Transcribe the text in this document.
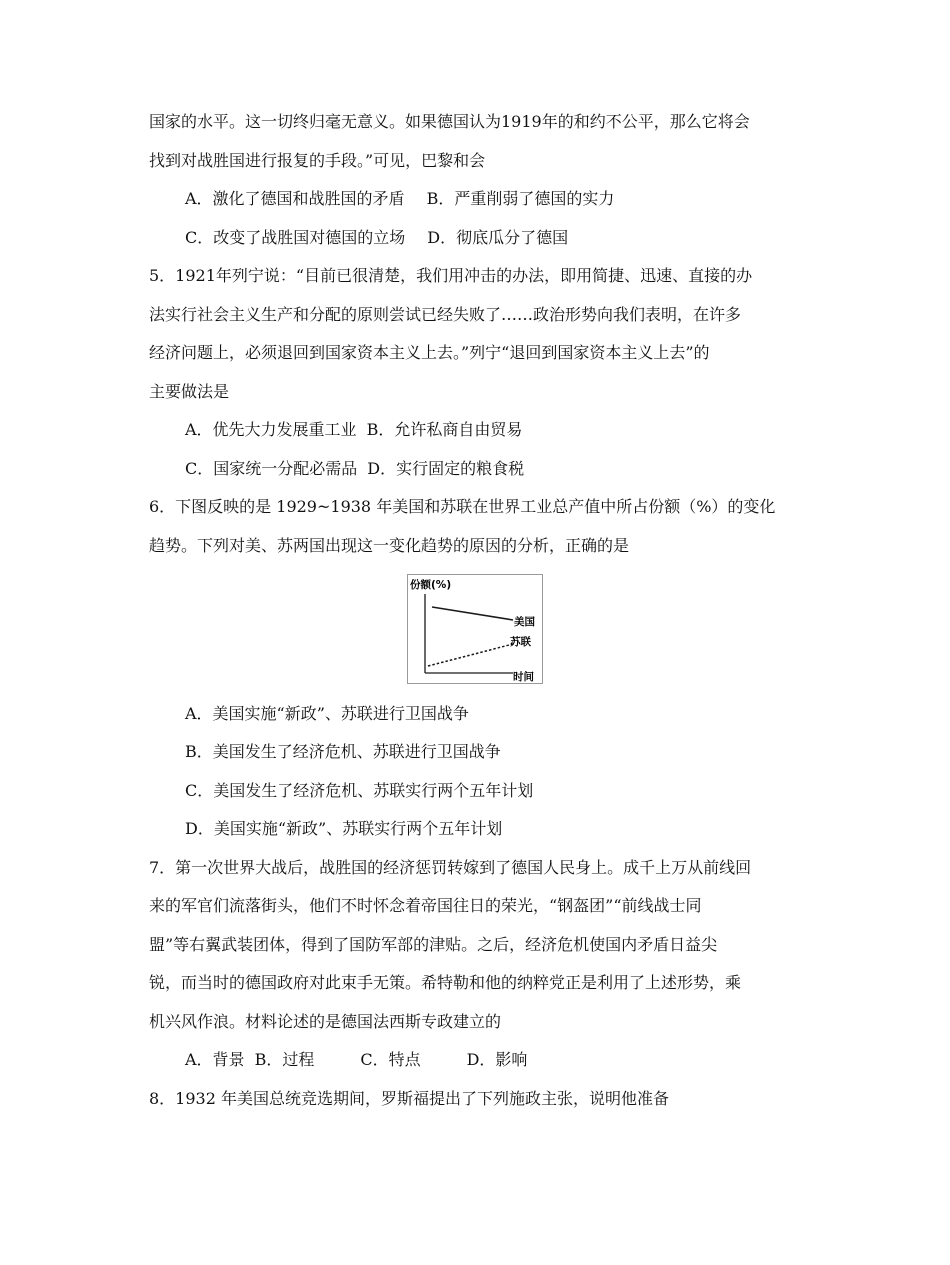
国家的水平。这一切终归毫无意义。如果德国认为1919年的和约不公平，那么它将会
找到对战胜国进行报复的手段。”可见，巴黎和会
A．激化了德国和战胜国的矛盾 B．严重削弱了德国的实力
C．改变了战胜国对德国的立场 D．彻底瓜分了德国
5．1921年列宁说：“目前已很清楚，我们用冲击的办法，即用简捷、迅速、直接的办
法实行社会主义生产和分配的原则尝试已经失败了……政治形势向我们表明，在许多
经济问题上，必须退回到国家资本主义上去。”列宁“退回到国家资本主义上去”的
主要做法是
A．优先大力发展重工业 B．允许私商自由贸易
C．国家统一分配必需品 D．实行固定的粮食税
6．下图反映的是 1929~1938 年美国和苏联在世界工业总产值中所占份额（%）的变化
趋势。下列对美、苏两国出现这一变化趋势的原因的分析，正确的是
份额(%)
时间
美国
苏联
A．美国实施“新政”、苏联进行卫国战争
B．美国发生了经济危机、苏联进行卫国战争
C．美国发生了经济危机、苏联实行两个五年计划
D．美国实施“新政”、苏联实行两个五年计划
7．第一次世界大战后，战胜国的经济惩罚转嫁到了德国人民身上。成千上万从前线回
来的军官们流落街头，他们不时怀念着帝国往日的荣光，“钢盔团”“前线战士同
盟”等右翼武装团体，得到了国防军部的津贴。之后，经济危机使国内矛盾日益尖
锐，而当时的德国政府对此束手无策。希特勒和他的纳粹党正是利用了上述形势，乘
机兴风作浪。材料论述的是德国法西斯专政建立的
A．背景 B．过程	C．特点	D．影响
8．1932 年美国总统竞选期间，罗斯福提出了下列施政主张，说明他准备
